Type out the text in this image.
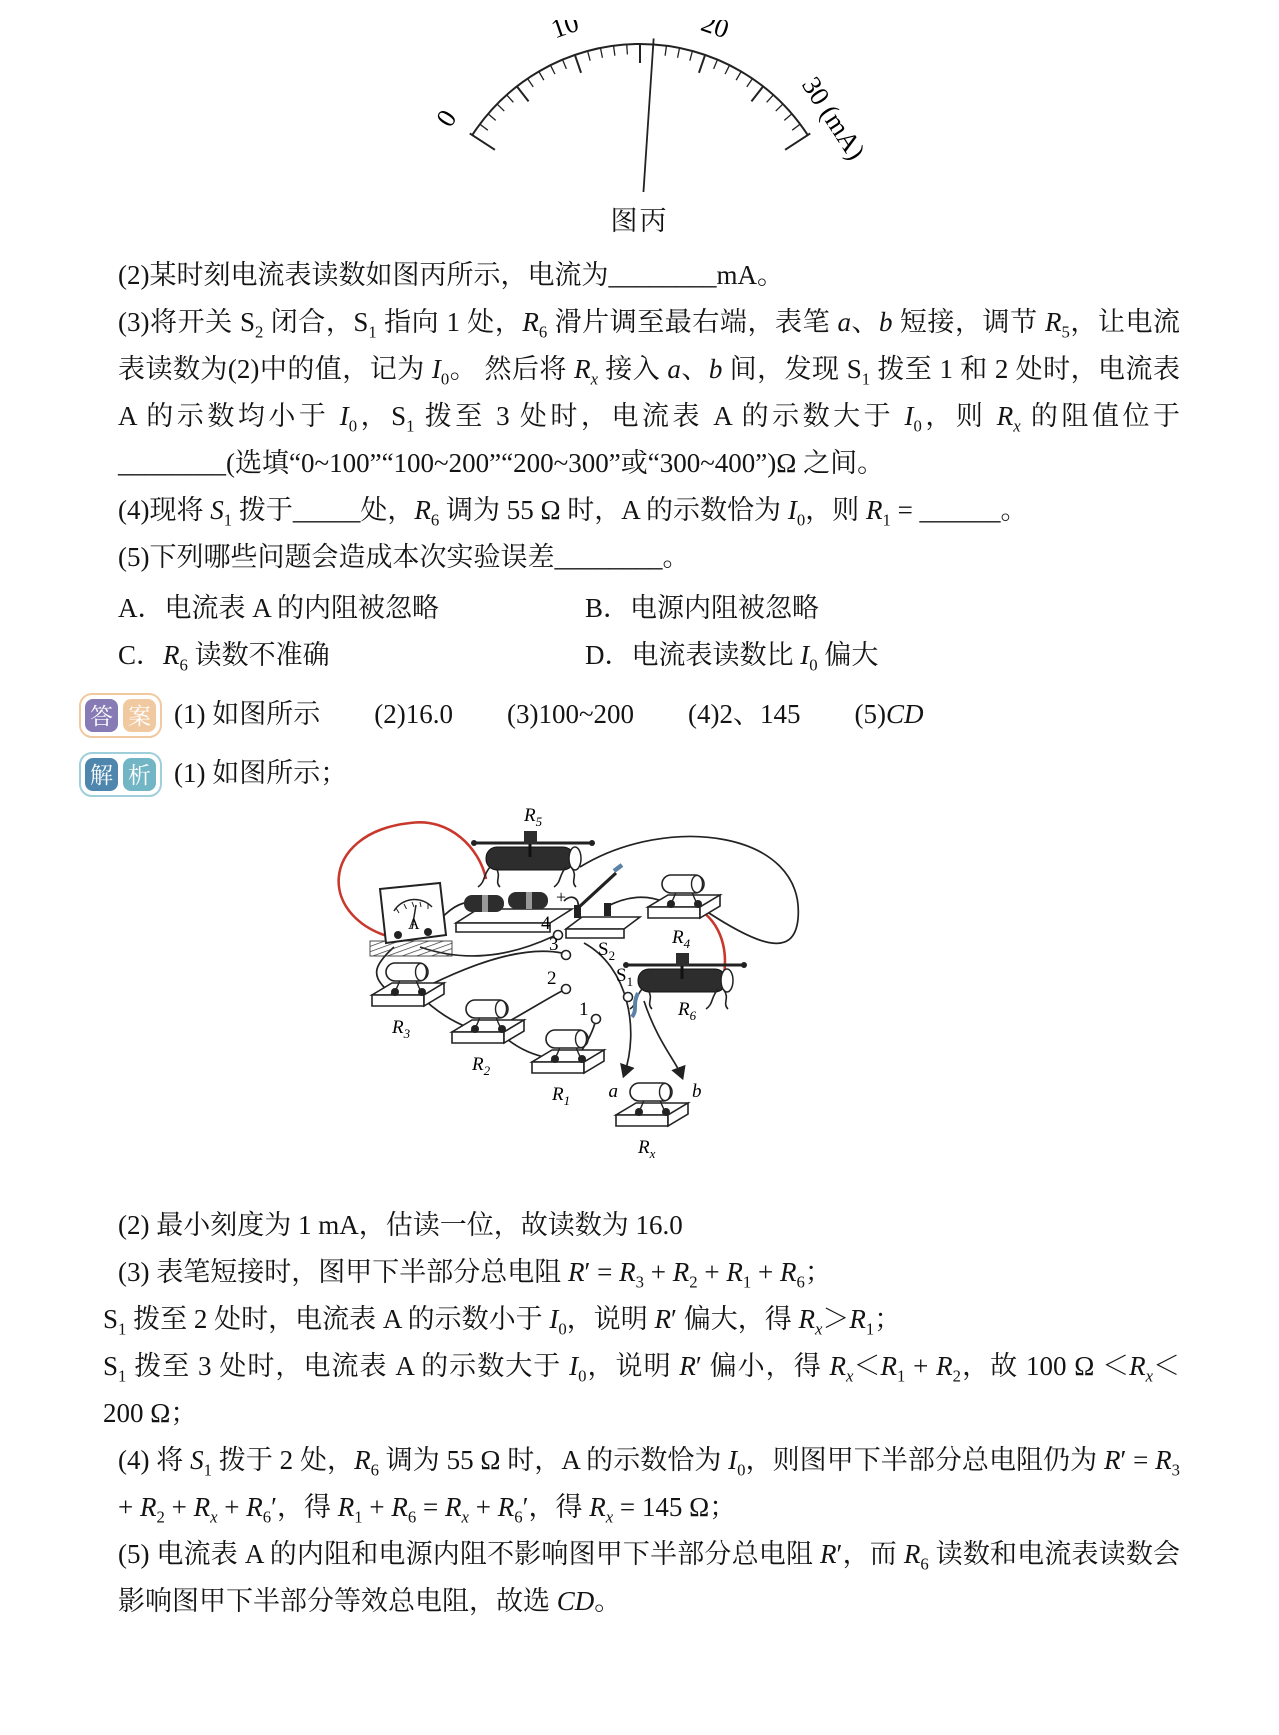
0
10	20
30 (mA)
图丙

(2)某时刻电流表读数如图丙所示，电流为________mA。

(3)将开关 $S_2$ 闭合，$S_1$ 指向 1 处，$R_6$ 滑片调至最右端，表笔 a、b 短接，调节 $R_5$，让电流表读数为(2)中的值，记为 $I_0$。 然后将 $R_x$ 接入 a、b 间，发现 $S_1$ 拨至 1 和 2 处时，电流表 A 的示数均小于 $I_0$，$S_1$ 拨至 3 处时，电流表 A 的示数大于 $I_0$，则 $R_x$ 的阻值位于________(选填“0~100”“100~200”“200~300”或“300~400”)Ω 之间。

(4)现将 $S_1$ 拨于_____处，$R_6$ 调为 55 Ω 时，A 的示数恰为 $I_0$，则 $R_1$ = ______。

(5)下列哪些问题会造成本次实验误差________。

A．电流表 A 的内阻被忽略	B．电源内阻被忽略

C．$R_6$ 读数不准确	D．电流表读数比 $I_0$ 偏大

答 案 (1) 如图所示　　(2)16.0　　(3)100~200　　(4)2、145　　(5)CD
解 析 (1) 如图所示；
$R_5$
A
+
$S_2$
$R_4$
$R_6$
$R_3$
$R_2$
$R_1$
4
3
2
1
$S_1$
a	b
$R_x$

(2) 最小刻度为 1 mA，估读一位，故读数为 16.0

(3) 表笔短接时，图甲下半部分总电阻 $R' = R_3 + R_2 + R_1 + R_6$；

$S_1$ 拨至 2 处时，电流表 A 的示数小于 $I_0$，说明 R′ 偏大，得 $R_x>R_1$；

$S_1$ 拨至 3 处时，电流表 A 的示数大于 $I_0$，说明 R′ 偏小，得 $R_x<R_1 + R_2$，故 100 $\Omega <R_x< 200$ Ω；

(4) 将 $S_1$ 拨于 2 处，$R_6$ 调为 55 Ω 时，A 的示数恰为 $I_0$，则图甲下半部分总电阻仍为 $R' = R_3 + R_2 + R_x + R_6'$，得 $R_1 + R_6 = R_x + R_6'$，得 $R_x = 145$ Ω；

(5) 电流表 A 的内阻和电源内阻不影响图甲下半部分总电阻 R′，而 $R_6$ 读数和电流表读数会影响图甲下半部分等效总电阻，故选 CD。
